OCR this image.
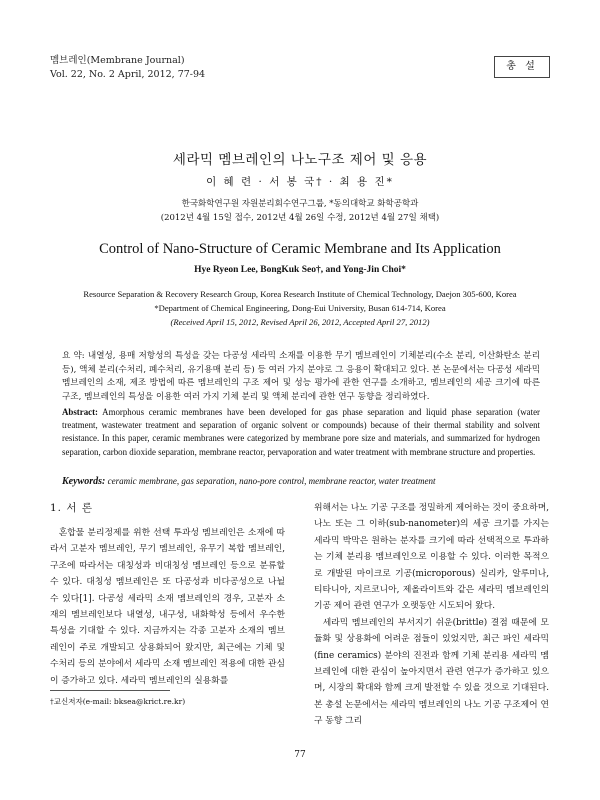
멤브레인(Membrane Journal)
Vol. 22, No. 2 April, 2012, 77-94
총 설
세라믹 멤브레인의 나노구조 제어 및 응용
이 혜 련 · 서 봉 국† · 최 용 진*
한국화학연구원 자원분리회수연구그룹, *동의대학교 화학공학과
(2012년 4월 15일 접수, 2012년 4월 26일 수정, 2012년 4월 27일 채택)
Control of Nano-Structure of Ceramic Membrane and Its Application
Hye Ryeon Lee, BongKuk Seo†, and Yong-Jin Choi*
Resource Separation & Recovery Research Group, Korea Research Institute of Chemical Technology, Daejon 305-600, Korea
*Department of Chemical Engineering, Dong-Eui University, Busan 614-714, Korea
(Received April 15, 2012, Revised April 26, 2012, Accepted April 27, 2012)
요 약: 내열성, 용매 저항성의 특성을 갖는 다공성 세라믹 소재를 이용한 무기 멤브레인이 기체분리(수소 분리, 이산화탄소 분리 등), 액체 분리(수처리, 폐수처리, 유기용매 분리 등) 등 여러 가지 분야로 그 응용이 확대되고 있다. 본 논문에서는 다공성 세라믹 멤브레인의 소재, 제조 방법에 따른 멤브레인의 구조 제어 및 성능 평가에 관한 연구를 소개하고, 멤브레인의 세공 크기에 따른 구조, 멤브레인의 특성을 이용한 여러 가지 기체 분리 및 액체 분리에 관한 연구 동향을 정리하였다.
Abstract: Amorphous ceramic membranes have been developed for gas phase separation and liquid phase separation (water treatment, wastewater treatment and separation of organic solvent or compounds) because of their thermal stability and solvent resistance. In this paper, ceramic membranes were categorized by membrane pore size and materials, and summarized for hydrogen separation, carbon dioxide separation, membrane reactor, pervaporation and water treatment with membrane structure and properties.
Keywords: ceramic membrane, gas separation, nano-pore control, membrane reactor, water treatment
1. 서 론

혼합물 분리정제를 위한 선택 투과성 멤브레인은 소재에 따라서 고분자 멤브레인, 무기 멤브레인, 유무기 복합 멤브레인, 구조에 따라서는 대칭성과 비대칭성 멤브레인 등으로 분류할 수 있다. 대칭성 멤브레인은 또 다공성과 비다공성으로 나뉠 수 있다[1]. 다공성 세라믹 소재 멤브레인의 경우, 고분자 소재의 멤브레인보다 내열성, 내구성, 내화학성 등에서 우수한 특성을 기대할 수 있다. 지금까지는 각종 고분자 소재의 멤브레인이 주로 개발되고 상용화되어 왔지만, 최근에는 기체 및 수처리 등의 분야에서 세라믹 소재 멤브레인 적용에 대한 관심이 증가하고 있다. 세라믹 멤브레인의 실용화를

위해서는 나노 기공 구조를 정밀하게 제어하는 것이 중요하며, 나노 또는 그 이하(sub-nanometer)의 세공 크기를 가지는 세라믹 박막은 원하는 분자를 크기에 따라 선택적으로 투과하는 기체 분리용 멤브레인으로 이용할 수 있다. 이러한 목적으로 개발된 마이크로 기공(microporous) 실리카, 알루미나, 티타니아, 지르코니아, 제올라이트와 같은 세라믹 멤브레인의 기공 제어 관련 연구가 오랫동안 시도되어 왔다.

세라믹 멤브레인의 부서지기 쉬운(brittle) 결점 때문에 모듈화 및 상용화에 어려운 점들이 있었지만, 최근 파인 세라믹(fine ceramics) 분야의 진전과 함께 기체 분리용 세라믹 멤브레인에 대한 관심이 높아지면서 관련 연구가 증가하고 있으며, 시장의 확대와 함께 크게 발전할 수 있을 것으로 기대된다. 본 총설 논문에서는 세라믹 멤브레인의 나노 기공 구조제어 연구 동향 그리

†교신저자(e-mail: bksea@krict.re.kr)
77
